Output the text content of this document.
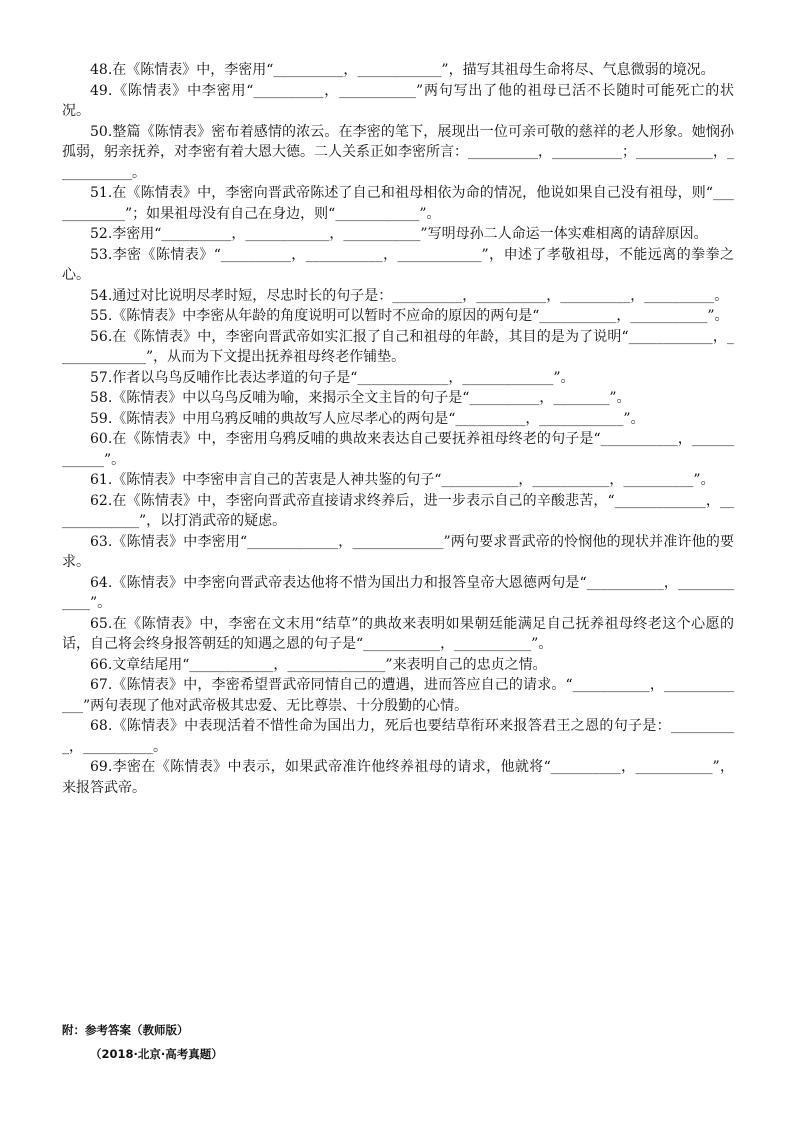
48.在《陈情表》中，李密用“__________，____________”，描写其祖母生命将尽、气息微弱的境况。

49.《陈情表》中李密用“__________，___________”两句写出了他的祖母已活不长随时可能死亡的状况。

50.整篇《陈情表》密布着感情的浓云。在李密的笔下，展现出一位可亲可敬的慈祥的老人形象。她悯孙孤弱，躬亲抚养，对李密有着大恩大德。二人关系正如李密所言：__________，__________；___________，___________。

51.在《陈情表》中，李密向晋武帝陈述了自己和祖母相依为命的情况，他说如果自己没有祖母，则“____________”；如果祖母没有自己在身边，则“____________”。

52.李密用“__________，____________，___________”写明母孙二人命运一体实难相离的请辞原因。

53.李密《陈情表》“__________，___________，____________”，申述了孝敬祖母，不能远离的拳拳之心。

54.通过对比说明尽孝时短，尽忠时长的句子是：__________，__________，__________，__________。

55.《陈情表》中李密从年龄的角度说明可以暂时不应命的原因的两句是“___________，___________”。

56.在《陈情表》中，李密向晋武帝如实汇报了自己和祖母的年龄，其目的是为了说明“____________，_____________”，从而为下文提出抚养祖母终老作铺垫。

57.作者以乌鸟反哺作比表达孝道的句子是“_____________，_____________”。

58.《陈情表》中以乌鸟反哺为喻，来揭示全文主旨的句子是“__________，________”。

59.《陈情表》中用乌鸦反哺的典故写人应尽孝心的两句是“__________，____________”。

60.在《陈情表》中，李密用乌鸦反哺的典故来表达自己要抚养祖母终老的句子是“___________，____________”。

61.《陈情表》中李密申言自己的苦衷是人神共鉴的句子“___________，___________，__________”。

62.在《陈情表》中，李密向晋武帝直接请求终养后，进一步表示自己的辛酸悲苦，“_____________，_____________”，以打消武帝的疑虑。

63.《陈情表》中李密用“_____________，_____________”两句要求晋武帝的怜悯他的现状并准许他的要求。

64.《陈情表》中李密向晋武帝表达他将不惜为国出力和报答皇帝大恩德两句是“___________，____________”。

65.在《陈情表》中，李密在文末用“结草”的典故来表明如果朝廷能满足自己抚养祖母终老这个心愿的话，自己将会终身报答朝廷的知遇之恩的句子是“___________，___________”。

66.文章结尾用“____________，______________”来表明自己的忠贞之情。

67.《陈情表》中，李密希望晋武帝同情自己的遭遇，进而答应自己的请求。“___________，_____________”两句表现了他对武帝极其忠爱、无比尊崇、十分殷勤的心情。

68.《陈情表》中表现活着不惜性命为国出力，死后也要结草衔环来报答君王之恩的句子是：__________，__________。

69.李密在《陈情表》中表示，如果武帝准许他终养祖母的请求，他就将“__________，___________”，来报答武帝。

附：参考答案（教师版）
（2018·北京·高考真题）
